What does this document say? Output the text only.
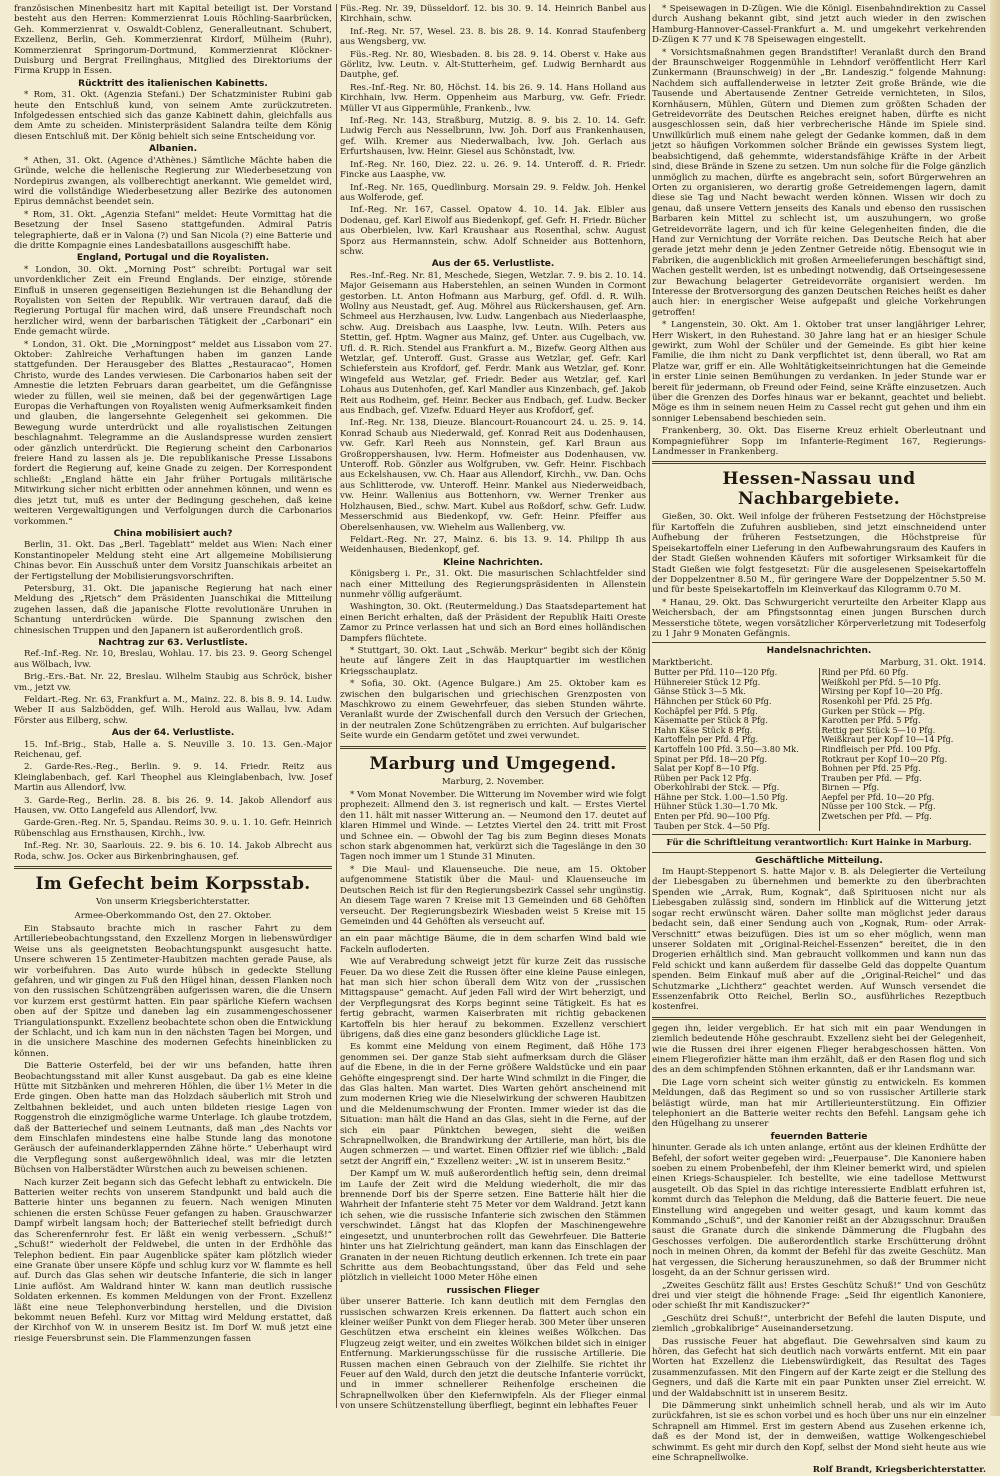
französischen Minenbesitz hart mit Kapital beteiligt ist. Der Vorstand besteht aus den Herren: Kommerzienrat Louis Röchling-Saarbrücken, Geh. Kommerzienrat v. Oswaldt-Coblenz, Generalleutnant. Schubert, Exzellenz, Berlin, Geh. Kommerzienrat Kirdorf, Mülheim (Ruhr), Kommerzienrat Springorum-Dortmund, Kommerzienrat Klöckner-Duisburg und Bergrat Freilinghaus, Mitglied des Direktoriums der Firma Krupp in Essen.

Rücktritt des italienischen Kabinetts.

* Rom, 31. Okt. (Agenzia Stefani.) Der Schatzminister Rubini gab heute den Entschluß kund, von seinem Amte zurückzutreten. Infolgedessen entschied sich das ganze Kabinett dahin, gleichfalls aus dem Amte zu scheiden. Ministerpräsident Salandra teilte dem König diesen Entschluß mit. Der König behielt sich seine Entscheidung vor.

Albanien.

* Athen, 31. Okt. (Agence d'Athènes.) Sämtliche Mächte haben die Gründe, welche die hellenische Regierung zur Wiederbesetzung von Nordepirus zwangen, als vollberechtigt anerkannt. Wie gemeldet wird, wird die vollständige Wiederbesetzung aller Bezirke des autonomen Epirus demnächst beendet sein.

* Rom, 31. Okt. „Agenzia Stefani“ meldet: Heute Vormittag hat die Besetzung der Insel Saseno stattgefunden. Admiral Patris telegraphierte, daß er in Valona (?) und San Nicola (?) eine Batterie und die dritte Kompagnie eines Landesbataillons ausgeschifft habe.

England, Portugal und die Royalisten.

* London, 30. Okt. „Morning Post“ schreibt: Portugal war seit unvordenklicher Zeit ein Freund Englands. Der einzige, störende Einfluß in unseren gegenseitigen Beziehungen ist die Behandlung der Royalisten von Seiten der Republik. Wir vertrauen darauf, daß die Regierung Portugal für machen wird, daß unsere Freundschaft noch herzlicher wird, wenn der barbarischen Tätigkeit der „Carbonari“ ein Ende gemacht würde.

* London, 31. Okt. Die „Morningpost“ meldet aus Lissabon vom 27. Oktober: Zahlreiche Verhaftungen haben im ganzen Lande stattgefunden. Der Herausgeber des Blattes „Restauracao“, Homen Christo, wurde des Landes verwiesen. Die Carbonarios haben seit der Amnestie die letzten Februars daran gearbeitet, um die Gefängnisse wieder zu füllen, weil sie meinen, daß bei der gegenwärtigen Lage Europas die Verhaftungen von Royalisten wenig Aufmerksamkeit finden und glauben, die langersehnte Gelegenheit sei gekommen. Die Bewegung wurde unterdrückt und alle royalistischen Zeitungen beschlagnahmt. Telegramme an die Auslandspresse wurden zensiert oder gänzlich unterdrückt. Die Regierung scheint den Carbonarios freiere Hand zu lassen als je. Die republikanische Presse Lissabons fordert die Regierung auf, keine Gnade zu zeigen. Der Korrespondent schließt: „England hätte ein Jahr früher Portugals militärische Mitwirkung sicher nicht erbitten oder annehmen können, und wenn es dies jetzt tut, muß es unter der Bedingung geschehen, daß keine weiteren Vergewaltigungen und Verfolgungen durch die Carbonarios vorkommen.“

China mobilisiert auch?

Berlin, 31. Okt. Das „Berl. Tageblatt“ meldet aus Wien: Nach einer Konstantinopeler Meldung steht eine Art allgemeine Mobilisierung Chinas bevor. Ein Ausschuß unter dem Vorsitz Juanschikais arbeitet an der Fertigstellung der Mobilisierungsvorschriften.

Petersburg, 31. Okt. Die japanische Regierung hat nach einer Meldung des „Rjetsch“ dem Präsidenten Juanschikai die Mitteilung zugehen lassen, daß die japanische Flotte revolutionäre Unruhen in Schantung unterdrücken würde. Die Spannung zwischen den chinesischen Truppen und den Japanern ist außerordentlich groß.

Nachtrag zur 63. Verlustliste.

Ref.-Inf.-Reg. Nr. 10, Breslau, Wohlau. 17. bis 23. 9. Georg Schengel aus Wölbach, lvw.

Brig.-Ers.-Bat. Nr. 22, Breslau. Wilhelm Staubig aus Schröck, bisher vm., jetzt vw.

Feldart.-Reg. Nr. 63, Frankfurt a. M., Mainz. 22. 8. bis 8. 9. 14. Ludw. Weber II aus Salzbödden, gef. Wilh. Herold aus Wallau, lvw. Adam Förster aus Eilberg, schw.

Aus der 64. Verlustliste.

15. Inf.-Brig., Stab, Halle a. S. Neuville 3. 10. 13. Gen.-Major Reichenau, gef.

2. Garde-Res.-Reg., Berlin. 9. 9. 14. Friedr. Reitz aus Kleinglabenbach, gef. Karl Theophel aus Kleinglabenbach, lvw. Josef Martin aus Allendorf, lvw.

3. Garde-Reg., Berlin. 28. 8. bis 26. 9. 14. Jakob Allendorf aus Hausen, vw. Otto Langefeld aus Allendorf, lvw.

Garde-Gren.-Reg. Nr. 5, Spandau. Reims 30. 9. u. 1. 10. Gefr. Heinrich Rübenschlag aus Ernsthausen, Kirchh., lvw.

Inf.-Reg. Nr. 30, Saarlouis. 22. 9. bis 6. 10. 14. Jakob Albrecht aus Roda, schw. Jos. Ocker aus Birkenbringhausen, gef.

Im Gefecht beim Korpsstab.
Von unserm Kriegsberichterstatter.
Armee-Oberkommando Ost, den 27. Oktober.

Ein Stabsauto brachte mich in rascher Fahrt zu dem Artilleriebeobachtungsstand, den Exzellenz Morgen in liebenswürdiger Weise uns als geeignetsten Beobachtungspunkt ausgesucht hatte. Unsere schweren 15 Zentimeter-Haubitzen machten gerade Pause, als wir vorbeifuhren. Das Auto wurde hübsch in gedeckte Stellung gefahren, und wir gingen zu Fuß den Hügel hinan, dessen Flanken noch von den russischen Schützengräben aufgerissen waren, die die Unsern vor kurzem erst gestürmt hatten. Ein paar spärliche Kiefern wachsen oben auf der Spitze und daneben lag ein zusammengeschossener Triangulationspunkt. Exzellenz beobachtete schon oben die Entwicklung der Schlacht, und ich kam nun in den nächsten Tagen bei Morgen, und in die unsichere Maschine des modernen Gefechts hineinblicken zu können.

Die Batterie Osterfeld, bei der wir uns befanden, hatte ihren Beobachtungsstand mit aller Kunst ausgebaut. Da gab es eine kleine Hütte mit Sitzbänken und mehreren Höhlen, die über 1½ Meter in die Erde gingen. Oben hatte man das Holzdach säuberlich mit Stroh und Zeltbahnen bekleidet, und auch unten bildeten riesige Lagen von Roggenstroh die einzigmögliche warme Unterlage. Ich glaube trotzdem, daß der Batteriechef und seinem Leutnants, daß man „des Nachts vor dem Einschlafen mindestens eine halbe Stunde lang das monotone Geräusch der aufeinanderklappernden Zähne hörte.“ Ueberhaupt wird die Verpflegung sonst außergewöhnlich ideal, was mir die letzten Büchsen von Halberstädter Würstchen auch zu beweisen schienen.

Nach kurzer Zeit begann sich das Gefecht lebhaft zu entwickeln. Die Batterien weiter rechts von unserem Standpunkt und bald auch die Batterie hinter uns begannen zu feuern. Nach wenigen Minuten schienen die ersten Schüsse Feuer gefangen zu haben. Grauschwarzer Dampf wirbelt langsam hoch; der Batteriechef stellt befriedigt durch das Scherenfernrohr fest. Er läßt ein wenig verbessern. „Schuß!“ „Schuß!“ wiederholt der Feldwebel, die unten in der Erdhöhle das Telephon bedient. Ein paar Augenblicke später kam plötzlich wieder eine Granate über unsere Köpfe und schlug kurz vor W. flammte es hell auf. Durch das Glas sehen wir deutsche Infanterie, die sich in langer Linie auflöst. Am Waldrand hinter W. kann man deutlich russische Soldaten erkennen. Es kommen Meldungen von der Front. Exzellenz läßt eine neue Telephonverbindung herstellen, und die Division bekommt neuen Befehl. Kurz vor Mittag wird Meldung erstattet, daß der Kirchhof von W. in unserem Besitz ist. Im Dorf W. muß jetzt eine riesige Feuersbrunst sein. Die Flammenzungen fassen

Füs.-Reg. Nr. 39, Düsseldorf. 12. bis 30. 9. 14. Heinrich Banbel aus Kirchhain, schw.

Inf.-Reg. Nr. 57, Wesel. 23. 8. bis 28. 9. 14. Konrad Staufenberg aus Wengsberg, vw.

Füs.-Reg. Nr. 80, Wiesbaden. 8. bis 28. 9. 14. Oberst v. Hake aus Görlitz, lvw. Leutn. v. Alt-Stutterheim, gef. Ludwig Bernhardt aus Dautphe, gef.

Res.-Inf.-Reg. Nr. 80, Höchst. 14. bis 26. 9. 14. Hans Holland aus Kirchhain, lvw. Herm. Oppenheim aus Marburg, vw. Gefr. Friedr. Müller VI aus Gippermühle, Frankenb., lvw.

Inf.-Reg. Nr. 143, Straßburg, Mutzig. 8. 9. bis 2. 10. 14. Gefr. Ludwig Ferch aus Nesselbrunn, lvw. Joh. Dorf aus Frankenhausen, gef. Wilh. Kremer aus Niederwalbach, lvw. Joh. Gerlach aus Erfurtshausen, lvw. Heinr. Giesel aus Schönstadt, lvw.

Inf.-Reg. Nr. 160, Diez. 22. u. 26. 9. 14. Unteroff. d. R. Friedr. Fincke aus Laasphe, vw.

Inf.-Reg. Nr. 165, Quedlinburg. Morsain 29. 9. Feldw. Joh. Henkel aus Wolferode, gef.

Inf.-Reg. Nr. 167, Cassel. Opatow 4. 10. 14. Jak. Elbler aus Dodenau, gef. Karl Eiwolf aus Biedenkopf, gef. Gefr. H. Friedr. Bücher aus Oberbielen, lvw. Karl Kraushaar aus Rosenthal, schw. August Sporz aus Hermannstein, schw. Adolf Schneider aus Bottenhorn, schw.

Aus der 65. Verlustliste.

Res.-Inf.-Reg. Nr. 81, Meschede, Siegen, Wetzlar. 7. 9. bis 2. 10. 14. Major Geisemann aus Haberstehlen, an seinen Wunden in Cormont gestorben. Lt. Anton Hofmann aus Marburg, gef. Ofdl. d. R. Wilh. Wollny aus Neustadt, gef. Aug. Möhrel aus Rückershausen, gef. Arn. Schmeel aus Herzhausen, lvw. Ludw. Langenbach aus Niederlaasphe, schw. Aug. Dreisbach aus Laasphe, lvw. Leutn. Wilh. Peters aus Stettin, gef. Hptm. Wagner aus Mainz, gef. Unter. aus Cugelbach, vw. Ufl. d. R. Rich. Stendel aus Frankfurt a. M., Bizefw. Georg Althen aus Wetzlar, gef. Unteroff. Gust. Grasse aus Wetzlar, gef. Gefr. Karl Schieferstein aus Krofdorf, gef. Ferdr. Mank aus Wetzlar, gef. Konr. Wingefeld aus Wetzlar, gef. Friedr. Beder aus Wetzlar, gef. Karl Lohaus aus Dutenhofen, gef. Karl Mandler aus Kinzenbach, gef. Jakob Reit aus Rodheim, gef. Heinr. Becker aus Endbach, gef. Ludw. Becker aus Endbach, gef. Vizefw. Eduard Heyer aus Krofdorf, gef.

Inf.-Reg. Nr. 138, Dieuze. Blancourt-Rouancourt 24. u. 25. 9. 14. Konrad Schaub aus Niederwald, gef. Konrad Reit aus Dodenhausen, vw. Gefr. Karl Reeh aus Nonnstein, gef. Karl Braun aus Großroppershausen, lvw. Herm. Hofmeister aus Dodenhausen, vw. Unteroff. Rob. Gönzler aus Wolfgruben, vw. Gefr. Heinr. Fischbach aus Eckelshausen, vw. Ch. Haar aus Allendorf, Kirchh., vw. Dan. Ochs aus Schlitterode, vw. Unteroff. Heinr. Mankel aus Niederweidbach, vw. Heinr. Wallenius aus Bottenhorn, vw. Werner Trenker aus Holzhausen, Bied., schw. Mart. Kubel aus Roßdorf, schw. Gefr. Ludw. Messerschmid aus Biedenkopf, vw. Gefr. Heinr. Pfeiffer aus Oberelsenhausen, vw. Wiehelm aus Wallenberg, vw.

Feldart.-Reg. Nr. 27, Mainz. 6. bis 13. 9. 14. Philipp Ih aus Weidenhausen, Biedenkopf, gef.

Kleine Nachrichten.

Königsberg i. Pr., 31. Okt. Die masurischen Schlachtfelder sind nach einer Mitteilung des Regierungspräsidenten in Allenstein nunmehr völlig aufgeräumt.

Washington, 30. Okt. (Reutermeldung.) Das Staatsdepartement hat einen Bericht erhalten, daß der Präsident der Republik Haiti Oreste Zamor zu Prince verlassen hat und sich an Bord eines holländischen Dampfers flüchtete.

* Stuttgart, 30. Okt. Laut „Schwäb. Merkur“ begibt sich der König heute auf längere Zeit in das Hauptquartier im westlichen Kriegsschauplatz.

* Sofia, 30. Okt. (Agence Bulgare.) Am 25. Oktober kam es zwischen den bulgarischen und griechischen Grenzposten von Maschkrowo zu einem Gewehrfeuer, das sieben Stunden währte. Veranlaßt wurde der Zwischenfall durch den Versuch der Griechen, in der neutralen Zone Schützengräben zu errichten. Auf bulgarischer Seite wurde ein Gendarm getötet und zwei verwundet.

Marburg und Umgegend.
Marburg, 2. November.

* Vom Monat November. Die Witterung im November wird wie folgt prophezeit: Allmend den 3. ist regnerisch und kalt. — Erstes Viertel den 11. hält mit nasser Witterung an. — Neumond den 17. deutet auf klaren Himmel und Winde. — Letztes Viertel den 24. tritt mit Frost und Schnee ein. — Obwohl der Tag bis zum Beginn dieses Monats schon stark abgenommen hat, verkürzt sich die Tageslänge in den 30 Tagen noch immer um 1 Stunde 31 Minuten.

* Die Maul- und Klauenseuche. Die neue, am 15. Oktober aufgenommene Statistik über die Maul- und Klauenseuche im Deutschen Reich ist für den Regierungsbezirk Cassel sehr ungünstig. An diesem Tage waren 7 Kreise mit 13 Gemeinden und 68 Gehöften verseucht. Der Regierungsbezirk Wiesbaden weist 5 Kreise mit 15 Gemeinden und 44 Gehöften als verseucht auf.

an ein paar mächtige Bäume, die in dem scharfen Wind bald wie Fackeln aufloderten.

Wie auf Verabredung schweigt jetzt für kurze Zeit das russische Feuer. Da wo diese Zeit die Russen öfter eine kleine Pause einlegen, hat man sich hier schon überall dem Witz von der „russischen Mittagspause“ gemacht. Auf jeden Fall wird der Wirt beherzigt, und der Verpflegungsrat des Korps beginnt seine Tätigkeit. Es hat es fertig gebracht, warmen Kaiserbraten mit richtig gebackenen Kartoffeln bis hier herauf zu bekommen. Exzellenz verschiert übrigens, daß dies eine ganz besonders glückliche Lage ist.

Es kommt eine Meldung von einem Regiment, daß Höhe 173 genommen sei. Der ganze Stab sieht aufmerksam durch die Gläser auf die Ebene, in die in der Ferne größere Waldstücke und ein paar Gehöfte eingesprengt sind. Der harte Wind schmilzt in die Finger, die das Glas halten. Man wartet. Dies Warten gehört anscheinend mit zum modernen Krieg wie die Nieselwirkung der schweren Haubitzen und die Meldenumschwung der Fronten. Immer wieder ist das die Situation: man hält die Hand an das Glas, sieht in die Ferne, auf der sich ein paar Pünktchen bewegen, sieht die weißen Schrapnellwolken, die Brandwirkung der Artillerie, man hört, bis die Augen schmerzen — und wartet. Einen Offizier rief wie üblich: „Bald setzt der Angriff ein,“ Exzellenz weiter: „W. ist in unserem Besitz.“

Der Kampf um W. muß außerordentlich heftig sein, denn dreimal im Laufe der Zeit wird die Meldung wiederholt, die mir das brennende Dorf bis der Sperre setzen. Eine Batterie hält hier die Wahrheit der Infanterie steht 75 Meter vor dem Waldrand. Jetzt kann ich sehen, wie die russische Infanterie sich zwischen den Stämmen verschwindet. Längst hat das Klopfen der Maschinengewehre eingesetzt, und ununterbrochen rollt das Gewehrfeuer. Die Batterie hinter uns hat Zielrichtung geändert, man kann das Einschlagen der Granaten in der neuen Richtung deutlich erkennen. Ich trete ein paar Schritte aus dem Beobachtungsstand, über das Feld und sehe plötzlich in vielleicht 1000 Meter Höhe einen

russischen Flieger

über unserer Batterie. Ich kann deutlich mit dem Fernglas den russischen schwarzen Kreis erkennen. Da flattert auch schon ein kleiner weißer Punkt von dem Flieger herab. 300 Meter über unseren Geschützen etwa erscheint ein kleines weißes Wölkchen. Das Flugzeug zeigt weiter, und ein zweites Wölkchen bildet sich in einiger Entfernung. Markierungsschüsse für die russische Artillerie. Die Russen machen einen Gebrauch von der Zielhilfe. Sie richtet ihr Feuer auf den Wald, durch den jetzt die deutsche Infanterie vorrückt, und in immer schnellerer Reihenfolge erscheinen die Schrapnellwolken über den Kiefernwipfeln. Als der Flieger einmal von unsere Schützenstellung überfliegt, beginnt ein lebhaftes Feuer

* Speisewagen in D-Zügen. Wie die Königl. Eisenbahndirektion zu Cassel durch Aushang bekannt gibt, sind jetzt auch wieder in den zwischen Hamburg-Hannover-Cassel-Frankfurt a. M. und umgekehrt verkehrenden D-Zügen K 77 und K 78 Speisewagen eingestellt.

* Vorsichtsmaßnahmen gegen Brandstifter! Veranlaßt durch den Brand der Braunschweiger Roggenmühle in Lehndorf veröffentlicht Herr Karl Zunkermann (Braunschweig) in der „Br. Landeszig.“ folgende Mahnung: Nachdem sich auffallenderweise in letzter Zeit große Brände, wie die Tausende und Abertausende Zentner Getreide vernichteten, in Silos, Kornhäusern, Mühlen, Gütern und Diemen zum größten Schaden der Getreidevorräte des Deutschen Reiches ereignet haben, dürfte es nicht ausgeschlossen sein, daß hier verbrecherische Hände im Spiele sind. Unwillkürlich muß einem nahe gelegt der Gedanke kommen, daß in dem jetzt so häufigen Vorkommen solcher Brände ein gewisses System liegt, beabsichtigend, daß gehemmte, widerstandsfähige Kräfte in der Arbeit sind, diese Brände in Szene zu setzen. Um nun solche für die Folge gänzlich unmöglich zu machen, dürfte es angebracht sein, sofort Bürgerwehren an Orten zu organisieren, wo derartig große Getreidemengen lagern, damit diese sie Tag und Nacht bewacht werden können. Wissen wir doch zu genau, daß unsere Vettern jenseits des Kanals und ebenso den russischen Barbaren kein Mittel zu schlecht ist, um auszuhungern, wo große Getreidevorräte lagern, und ich für keine Gelegenheiten finden, die die Hand zur Vernichtung der Vorräte reichen. Das Deutsche Reich hat aber gerade jetzt mehr denn je jeden Zentner Getreide nötig. Ebensogut wie in Fabriken, die augenblicklich mit großen Armeelieferungen beschäftigt sind, Wachen gestellt werden, ist es unbedingt notwendig, daß Ortseingesessene zur Bewachung belagerter Getreidevorräte organisiert werden. Im Interesse der Brotversorgung des ganzen Deutschen Reiches heißt es daher auch hier: in energischer Weise aufgepaßt und gleiche Vorkehrungen getroffen!

* Langenstein, 30. Okt. Am 1. Oktober trat unser langjähriger Lehrer, Herr Wiskert, in den Ruhestand. 30 Jahre lang hat er an hiesiger Schule gewirkt, zum Wohl der Schüler und der Gemeinde. Es gibt hier keine Familie, die ihm nicht zu Dank verpflichtet ist, denn überall, wo Rat am Platze war, griff er ein. Alle Wohltätigkeitseinrichtungen hat die Gemeinde in erster Linie seinen Bemühungen zu verdanken. In jeder Stunde war er bereit für jedermann, ob Freund oder Feind, seine Kräfte einzusetzen. Auch über die Grenzen des Dorfes hinaus war er bekannt, geachtet und beliebt. Möge es ihm in seinem neuen Heim zu Cassel recht gut gehen und ihm ein sonniger Lebensabend beschieden sein.

Frankenberg, 30. Okt. Das Eiserne Kreuz erhielt Oberleutnant und Kompagnieführer Sopp im Infanterie-Regiment 167, Regierungs-Landmesser in Frankenberg.

Hessen-Nassau und Nachbargebiete.

Gießen, 30. Okt. Weil infolge der früheren Festsetzung der Höchstpreise für Kartoffeln die Zufuhren ausblieben, sind jetzt einschneidend unter Aufhebung der früheren Festsetzungen, die Höchstpreise für Speisekartoffeln einer Lieferung in den Aufbewahrungsraum des Kaufers in der Stadt Gießen wohnenden Käufers mit sofortiger Wirksamkeit für die Stadt Gießen wie folgt festgesetzt: Für die ausgelesenen Speisekartoffeln der Doppelzentner 8.50 M., für geringere Ware der Doppelzentner 5.50 M. und für beste Speisekartoffeln im Kleinverkauf das Kilogramm 0.70 M.

* Hanau, 29. Okt. Das Schwurgericht verurteilte den Arbeiter Klapp aus Weichersbach, der am Pfingstsonntag einen jungen Burschen durch Messerstiche tötete, wegen vorsätzlicher Körperverletzung mit Todeserfolg zu 1 Jahr 9 Monaten Gefängnis.

Handelsnachrichten.
Marktbericht.	Marburg, 31. Okt. 1914.
Butter per Pfd. 110—120 Pfg.
Hühnereier Stück 12 Pfg.
Gänse Stück 3—5 Mk.
Hähnchen per Stück 60 Pfg.
Kochäpfel per Pfd. 5 Pfg.
Käsematte per Stück 8 Pfg.
Hahn Käse Stück 8 Pfg.
Kartoffeln per Pfd. 4 Pfg.
Kartoffeln 100 Pfd. 3.50—3.80 Mk.
Spinat per Pfd. 18—20 Pfg.
Salat per Kopf 8—10 Pfg.
Rüben per Pack 12 Pfg.
Oberkohlrabi der Stck. — Pfg.
Hähne per Stck. 1.00—1.50 Pfg.
Hühner Stück 1.30—1.70 Mk.
Enten per Pfd. 90—100 Pfg.
Tauben per Stck. 4—50 Pfg.

Rind per Pfd. 60 Pfg.
Weißkohl per Pfd. 5—10 Pfg.
Wirsing per Kopf 10—20 Pfg.
Rosenkohl per Pfd. 25 Pfg.
Gurken per Stück — Pfg.
Karotten per Pfd. 5 Pfg.
Rettig per Stück 5—10 Pfg.
Weißkraut per Kopf 10—14 Pfg.
Rindfleisch per Pfd. 100 Pfg.
Rotkraut per Kopf 10—20 Pfg.
Bohnen per Pfd. 25 Pfg.
Trauben per Pfd. — Pfg.
Birnen — Pfg.
Aepfel per Pfd. 10—20 Pfg.
Nüsse per 100 Stck. — Pfg.
Zwetschen per Pfd. — Pfg.

Für die Schriftleitung verantwortlich: Kurt Hainke in Marburg.

Geschäftliche Mitteilung.

Im Haupt-Steppenort S. hatte Major v. B. als Delegierter die Verteilung der Liebesgaben zu übernehmen und bemerkte zu den überbrachten Spenden wie „Arrak, Rum, Kognak“, daß Spirituosen nicht nur als Liebesgaben zulässig sind, sondern im Hinblick auf die Witterung jetzt sogar recht erwünscht wären. Daher sollte man möglichst jeder daraus bedacht sein, daß einer Sendung auch von „Kognak, Rum- oder Arrak-Verschnitt“ etwas beizufügen. Dies ist um so eher möglich, wenn man unserer Soldaten mit „Original-Reichel-Essenzen“ bereitet, die in den Drogerien erhältlich sind. Man gebraucht vollkommen und kann nun das Feld schickt und kann außerdem für dasselbe Geld das doppelte Quantum spenden. Beim Einkauf muß aber auf die „Original-Reichel“ und das Schutzmarke „Lichtherz“ geachtet werden. Auf Wunsch versendet die Essenzenfabrik Otto Reichel, Berlin SO., ausführliches Rezeptbuch kostenfrei.

gegen ihn, leider vergeblich. Er hat sich mit ein paar Wendungen in ziemlich bedeutende Höhe geschraubt. Exzellenz sieht bei der Gelegenheit, wie die Russen drei ihrer eigenen Flieger herabgeschossen hätten. Von einem Fliegerofizier hätte man ihm erzählt, daß er den Rasen flog und sich des an dem schimpfenden Stöhnen erkannten, daß er ihr Landsmann war.

Die Lage vorn scheint sich weiter günstig zu entwickeln. Es kommen Meldungen, daß das Regiment so und so von russischer Artillerie stark belästigt würde, man hat mir Artillerieunterstützung. Ein Offizier telephoniert an die Batterie weiter rechts den Befehl. Langsam gehe ich den Hügelhang zu unserer

feuernden Batterie

hinunter. Gerade als ich unten anlange, ertönt aus der kleinen Erdhütte der Befehl, der sofort weiter gegeben wird: „Feuerpause“. Die Kanoniere haben soeben zu einem Probenbefehl, der ihm Kleiner bemerkt wird, und spielen einen Kriegs-Schauspieler. Ich bestellte, wie eine tadellose Mettwurst ausgeteilt. Ob das Spiel in das richtige interessierte Endblatt erfuhren ist, kommt durch das Telephon die Meldung, daß die Batterie feuert. Die neue Einstellung wird angegeben und weiter gesagt, und kaum kommt das Kommando „Schuß“, und der Kanonier reißt an der Abzugsschnur. Draußen saust die Granate durch die sinkende Dämmerung die Flugbahn des Geschosses verfolgen. Die außerordentlich starke Erschütterung dröhnt noch in meinen Ohren, da kommt der Befehl für das zweite Geschütz. Man hat vergessen, die Sicherung herauszunehmen, so daß der Brummer nicht losgeht, da an der Schnur gerissen wird.

„Zweites Geschütz fällt aus! Erstes Geschütz Schuß!“ Und von Geschütz drei und vier steigt die höhnende Frage: „Seid Ihr eigentlich Kanoniere, oder schießt Ihr mit Kandiszucker?“

„Geschütz drei Schuß!“, unterbricht der Befehl die lauten Dispute, und ziemlich „grobkalibrige“ Auseinandersetzung.

Das russische Feuer hat abgeflaut. Die Gewehrsalven sind kaum zu hören, das Gefecht hat sich deutlich nach vorwärts entfernt. Mit ein paar Worten hat Exzellenz die Liebenswürdigkeit, das Resultat des Tages zusammenzufassen. Mit den Fingern auf der Karte zeigt er die Stellung des Gegners, und daß die Karte mit ein paar Punkten unser Ziel erreicht. W. und der Waldabschnitt ist in unserem Besitz.

Die Dämmerung sinkt unheimlich schnell herab, und als wir im Auto zurückfahren, ist sie es schon vorbei und es hoch über uns nur ein einzelner Schrapnell am Himmel. Erst im gestern Abend aus Zusehen erkenne ich, daß es der Mond ist, der in demweißen, wattige Wolkengeschiebel schwimmt. Es geht mir durch den Kopf, selbst der Mond sieht heute aus wie eine Schrapnellwolke.

Rolf Brandt, Kriegsberichterstatter.
